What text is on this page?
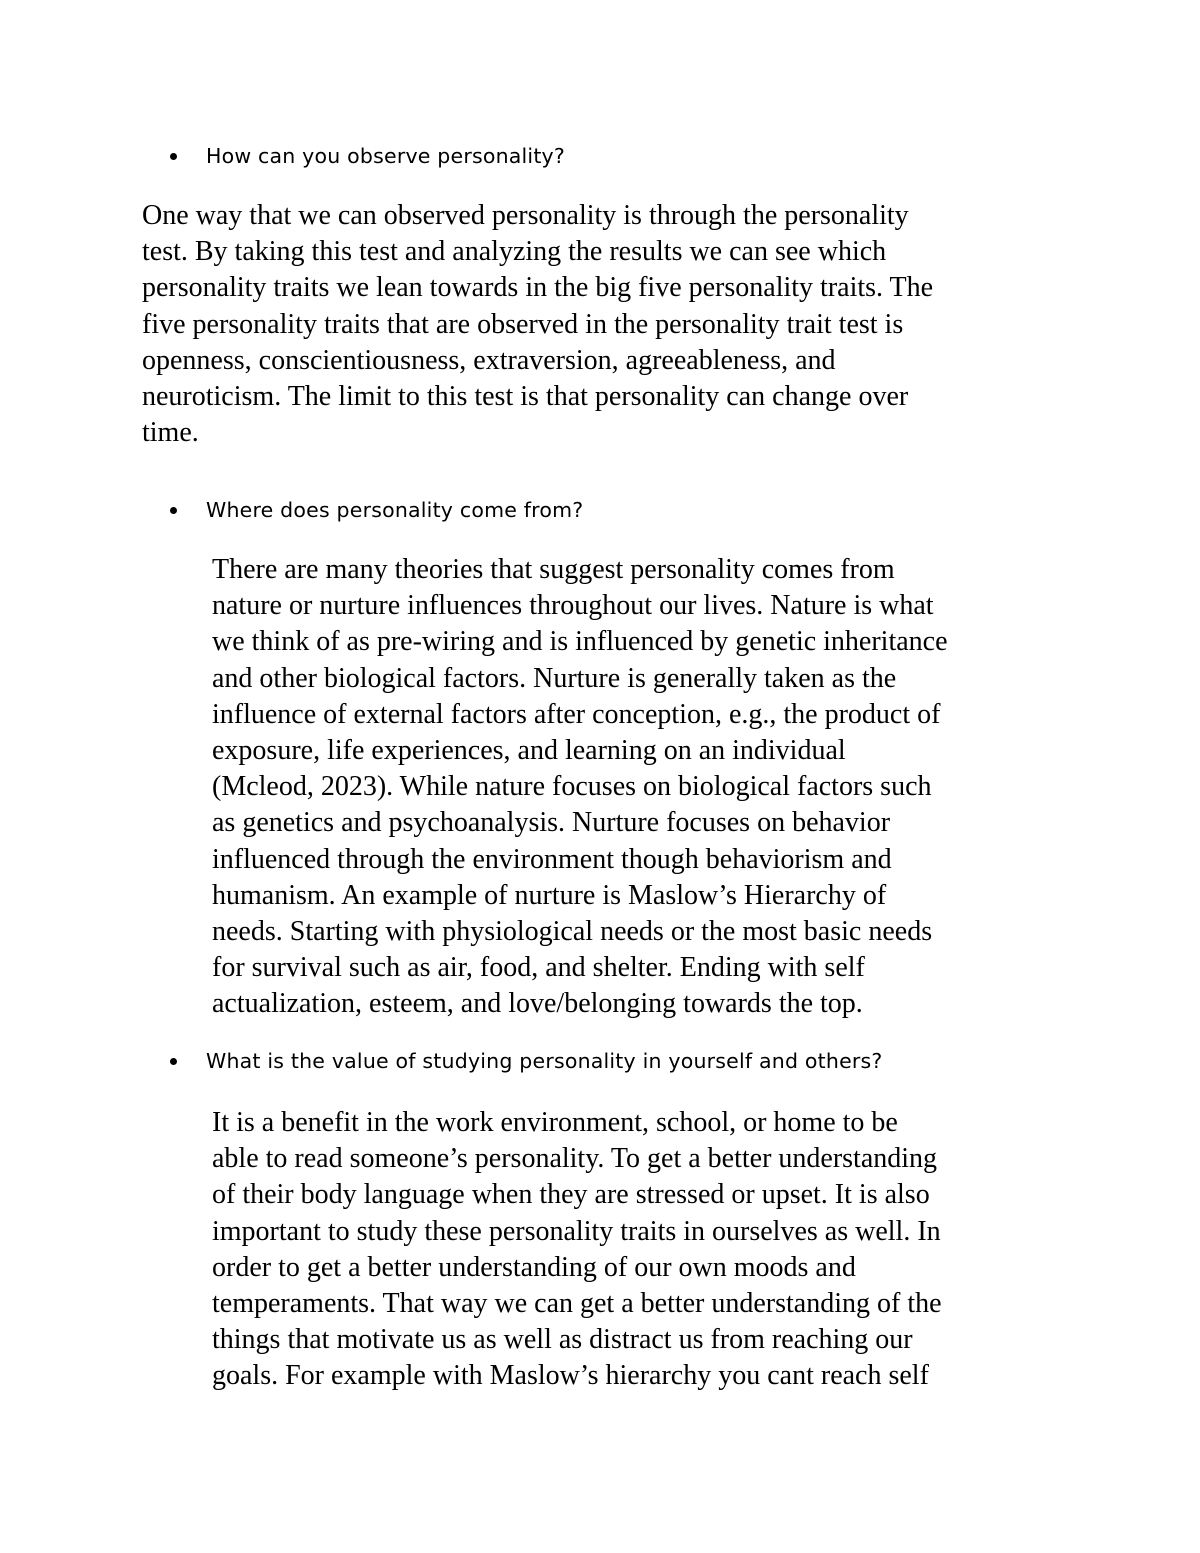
How can you observe personality?

One way that we can observed personality is through the personality
test. By taking this test and analyzing the results we can see which
personality traits we lean towards in the big five personality traits. The
five personality traits that are observed in the personality trait test is
openness, conscientiousness, extraversion, agreeableness, and
neuroticism. The limit to this test is that personality can change over
time.

Where does personality come from?

There are many theories that suggest personality comes from
nature or nurture influences throughout our lives. Nature is what
we think of as pre-wiring and is influenced by genetic inheritance
and other biological factors. Nurture is generally taken as the
influence of external factors after conception, e.g., the product of
exposure, life experiences, and learning on an individual
(Mcleod, 2023). While nature focuses on biological factors such
as genetics and psychoanalysis. Nurture focuses on behavior
influenced through the environment though behaviorism and
humanism. An example of nurture is Maslow’s Hierarchy of
needs. Starting with physiological needs or the most basic needs
for survival such as air, food, and shelter. Ending with self
actualization, esteem, and love/belonging towards the top.

What is the value of studying personality in yourself and others?

It is a benefit in the work environment, school, or home to be
able to read someone’s personality. To get a better understanding
of their body language when they are stressed or upset. It is also
important to study these personality traits in ourselves as well. In
order to get a better understanding of our own moods and
temperaments. That way we can get a better understanding of the
things that motivate us as well as distract us from reaching our
goals. For example with Maslow’s hierarchy you cant reach self
